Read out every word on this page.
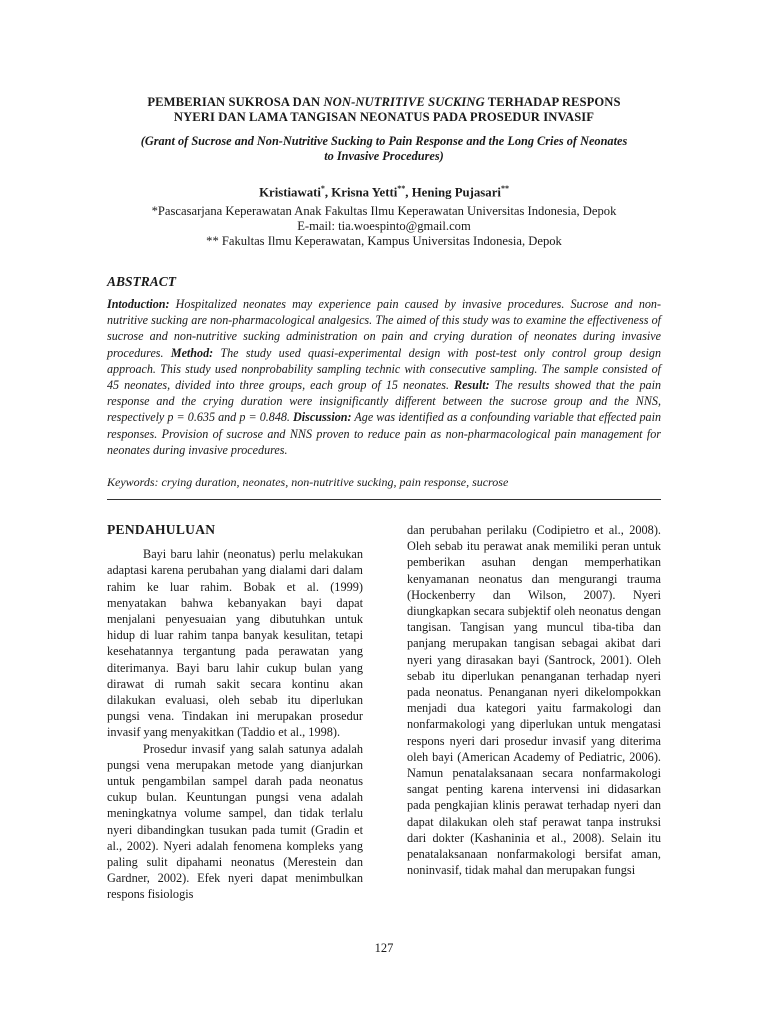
PEMBERIAN SUKROSA DAN NON-NUTRITIVE SUCKING TERHADAP RESPONS
NYERI DAN LAMA TANGISAN NEONATUS PADA PROSEDUR INVASIF
(Grant of Sucrose and Non-Nutritive Sucking to Pain Response and the Long Cries of Neonates
to Invasive Procedures)
Kristiawati*, Krisna Yetti**, Hening Pujasari**
*Pascasarjana Keperawatan Anak Fakultas Ilmu Keperawatan Universitas Indonesia, Depok
E-mail: tia.woespinto@gmail.com
** Fakultas Ilmu Keperawatan, Kampus Universitas Indonesia, Depok
ABSTRACT
Intoduction: Hospitalized neonates may experience pain caused by invasive procedures. Sucrose and non-nutritive sucking are non-pharmacological analgesics. The aimed of this study was to examine the effectiveness of sucrose and non-nutritive sucking administration on pain and crying duration of neonates during invasive procedures. Method: The study used quasi-experimental design with post-test only control group design approach. This study used nonprobability sampling technic with consecutive sampling. The sample consisted of 45 neonates, divided into three groups, each group of 15 neonates. Result: The results showed that the pain response and the crying duration were insignificantly different between the sucrose group and the NNS, respectively p = 0.635 and p = 0.848. Discussion: Age was identified as a confounding variable that effected pain responses. Provision of sucrose and NNS proven to reduce pain as non-pharmacological pain management for neonates during invasive procedures.
Keywords: crying duration, neonates, non-nutritive sucking, pain response, sucrose
PENDAHULUAN

Bayi baru lahir (neonatus) perlu melakukan adaptasi karena perubahan yang dialami dari dalam rahim ke luar rahim. Bobak et al. (1999) menyatakan bahwa kebanyakan bayi dapat menjalani penyesuaian yang dibutuhkan untuk hidup di luar rahim tanpa banyak kesulitan, tetapi kesehatannya tergantung pada perawatan yang diterimanya. Bayi baru lahir cukup bulan yang dirawat di rumah sakit secara kontinu akan dilakukan evaluasi, oleh sebab itu diperlukan pungsi vena. Tindakan ini merupakan prosedur invasif yang menyakitkan (Taddio et al., 1998).

Prosedur invasif yang salah satunya adalah pungsi vena merupakan metode yang dianjurkan untuk pengambilan sampel darah pada neonatus cukup bulan. Keuntungan pungsi vena adalah meningkatnya volume sampel, dan tidak terlalu nyeri dibandingkan tusukan pada tumit (Gradin et al., 2002). Nyeri adalah fenomena kompleks yang paling sulit dipahami neonatus (Merestein dan Gardner, 2002). Efek nyeri dapat menimbulkan respons fisiologis

dan perubahan perilaku (Codipietro et al., 2008). Oleh sebab itu perawat anak memiliki peran untuk pemberikan asuhan dengan memperhatikan kenyamanan neonatus dan mengurangi trauma (Hockenberry dan Wilson, 2007). Nyeri diungkapkan secara subjektif oleh neonatus dengan tangisan. Tangisan yang muncul tiba-tiba dan panjang merupakan tangisan sebagai akibat dari nyeri yang dirasakan bayi (Santrock, 2001). Oleh sebab itu diperlukan penanganan terhadap nyeri pada neonatus. Penanganan nyeri dikelompokkan menjadi dua kategori yaitu farmakologi dan nonfarmakologi yang diperlukan untuk mengatasi respons nyeri dari prosedur invasif yang diterima oleh bayi (American Academy of Pediatric, 2006). Namun penatalaksanaan secara nonfarmakologi sangat penting karena intervensi ini didasarkan pada pengkajian klinis perawat terhadap nyeri dan dapat dilakukan oleh staf perawat tanpa instruksi dari dokter (Kashaninia et al., 2008). Selain itu penatalaksanaan nonfarmakologi bersifat aman, noninvasif, tidak mahal dan merupakan fungsi

127
